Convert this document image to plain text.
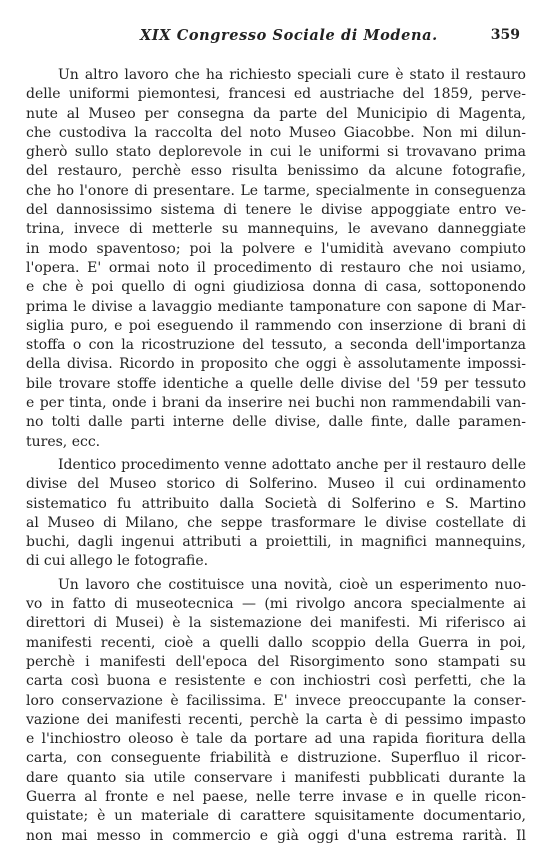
XIX Congresso Sociale di Modena.	359
Un altro lavoro che ha richiesto speciali cure è stato il restauro
delle uniformi piemontesi, francesi ed austriache del 1859, perve-
nute al Museo per consegna da parte del Municipio di Magenta,
che custodiva la raccolta del noto Museo Giacobbe. Non mi dilun-
gherò sullo stato deplorevole in cui le uniformi si trovavano prima
del restauro, perchè esso risulta benissimo da alcune fotografie,
che ho l'onore di presentare. Le tarme, specialmente in conseguenza
del dannosissimo sistema di tenere le divise appoggiate entro ve-
trina, invece di metterle su mannequins, le avevano danneggiate
in modo spaventoso; poi la polvere e l'umidità avevano compiuto
l'opera. E' ormai noto il procedimento di restauro che noi usiamo,
e che è poi quello di ogni giudiziosa donna di casa, sottoponendo
prima le divise a lavaggio mediante tamponature con sapone di Mar-
siglia puro, e poi eseguendo il rammendo con inserzione di brani di
stoffa o con la ricostruzione del tessuto, a seconda dell'importanza
della divisa. Ricordo in proposito che oggi è assolutamente impossi-
bile trovare stoffe identiche a quelle delle divise del '59 per tessuto
e per tinta, onde i brani da inserire nei buchi non rammendabili van-
no tolti dalle parti interne delle divise, dalle finte, dalle paramen-
tures, ecc.
Identico procedimento venne adottato anche per il restauro delle
divise del Museo storico di Solferino. Museo il cui ordinamento
sistematico fu attribuito dalla Società di Solferino e S. Martino
al Museo di Milano, che seppe trasformare le divise costellate di
buchi, dagli ingenui attributi a proiettili, in magnifici mannequins,
di cui allego le fotografie.
Un lavoro che costituisce una novità, cioè un esperimento nuo-
vo in fatto di museotecnica — (mi rivolgo ancora specialmente ai
direttori di Musei) è la sistemazione dei manifesti. Mi riferisco ai
manifesti recenti, cioè a quelli dallo scoppio della Guerra in poi,
perchè i manifesti dell'epoca del Risorgimento sono stampati su
carta così buona e resistente e con inchiostri così perfetti, che la
loro conservazione è facilissima. E' invece preoccupante la conser-
vazione dei manifesti recenti, perchè la carta è di pessimo impasto
e l'inchiostro oleoso è tale da portare ad una rapida fioritura della
carta, con conseguente friabilità e distruzione. Superfluo il ricor-
dare quanto sia utile conservare i manifesti pubblicati durante la
Guerra al fronte e nel paese, nelle terre invase e in quelle ricon-
quistate; è un materiale di carattere squisitamente documentario,
non mai messo in commercio e già oggi d'una estrema rarità. Il
